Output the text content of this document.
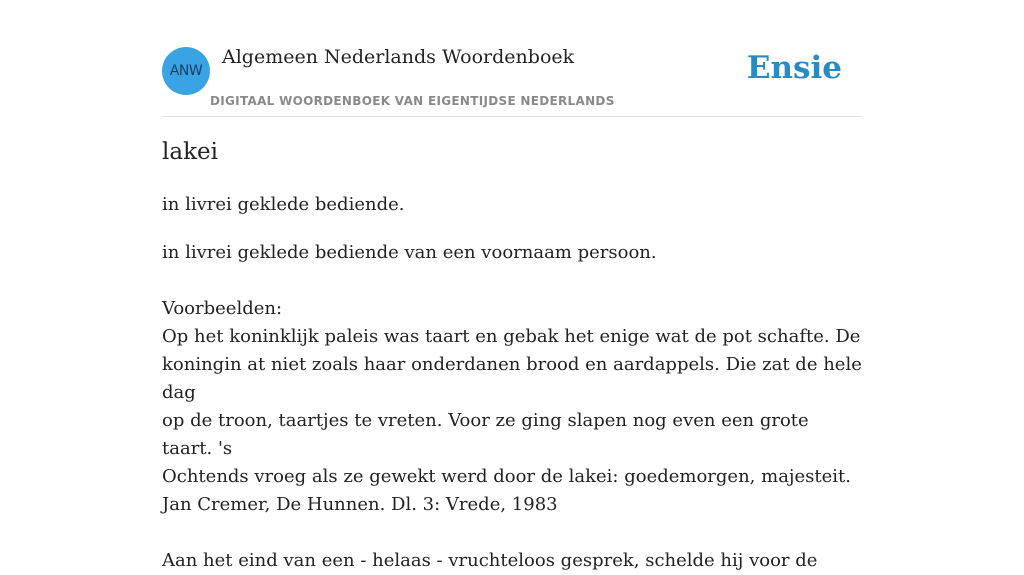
ANW
Algemeen Nederlands Woordenboek
DIGITAAL WOORDENBOEK VAN EIGENTIJDSE NEDERLANDS
Ensie
lakei
in livrei geklede bediende.

in livrei geklede bediende van een voornaam persoon.

Voorbeelden:

Op het koninklijk paleis was taart en gebak het enige wat de pot schafte. De

koningin at niet zoals haar onderdanen brood en aardappels. Die zat de hele dag

op de troon, taartjes te vreten. Voor ze ging slapen nog even een grote taart. 's

Ochtends vroeg als ze gewekt werd door de lakei: goedemorgen, majesteit.

Jan Cremer, De Hunnen. Dl. 3: Vrede, 1983

Aan het eind van een - helaas - vruchteloos gesprek, schelde hij voor de
